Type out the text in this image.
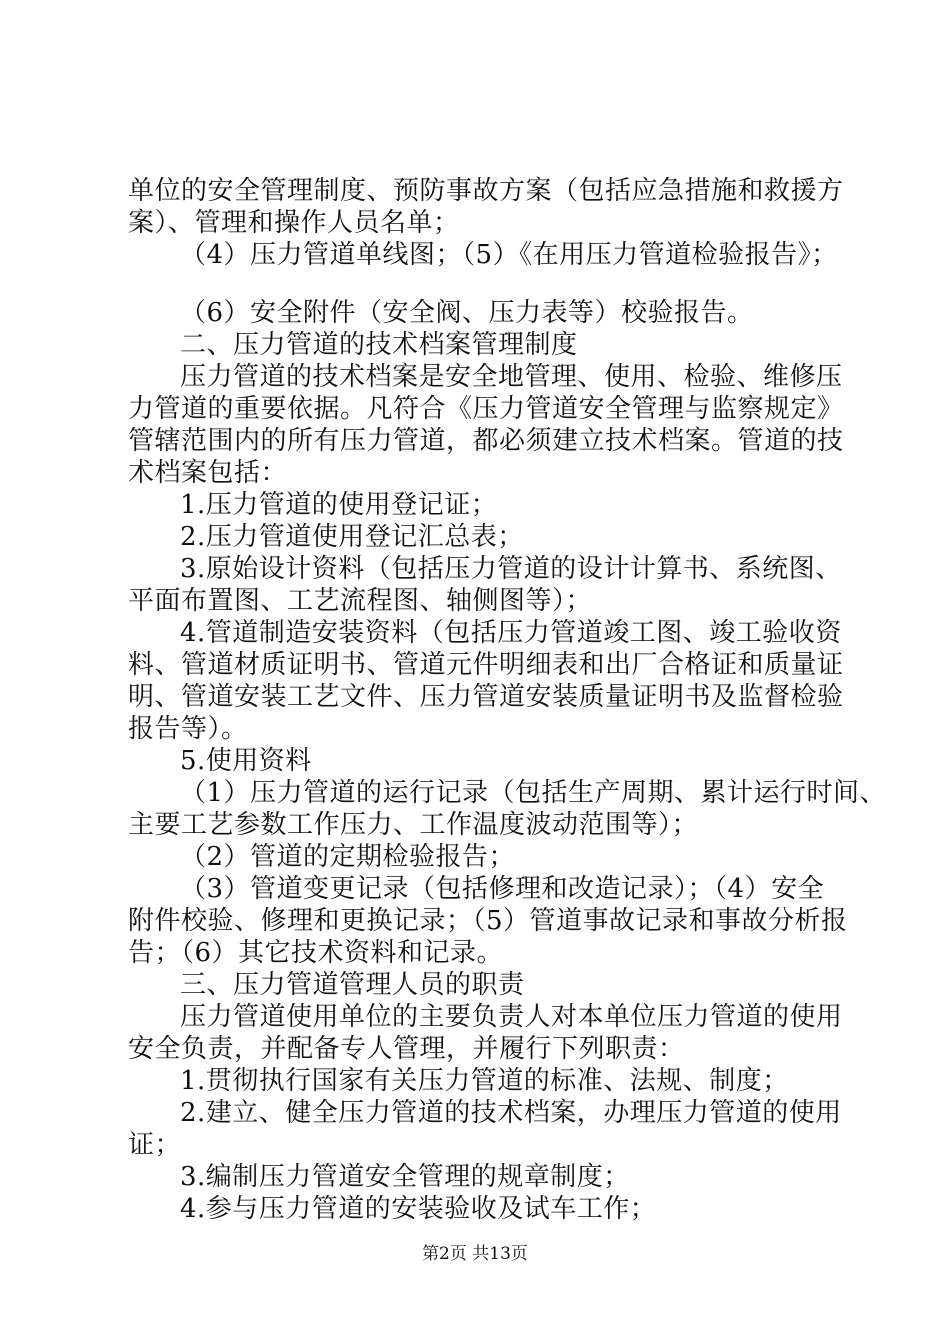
单位的安全管理制度、预防事故方案（包括应急措施和救援方
案）、管理和操作人员名单；
（4）压力管道单线图；（5）《在用压力管道检验报告》；
（6）安全附件（安全阀、压力表等）校验报告。
二、压力管道的技术档案管理制度
压力管道的技术档案是安全地管理、使用、检验、维修压
力管道的重要依据。凡符合《压力管道安全管理与监察规定》
管辖范围内的所有压力管道，都必须建立技术档案。管道的技
术档案包括：
1.压力管道的使用登记证；
2.压力管道使用登记汇总表；
3.原始设计资料（包括压力管道的设计计算书、系统图、
平面布置图、工艺流程图、轴侧图等）；
4.管道制造安装资料（包括压力管道竣工图、竣工验收资
料、管道材质证明书、管道元件明细表和出厂合格证和质量证
明、管道安装工艺文件、压力管道安装质量证明书及监督检验
报告等）。
5.使用资料
（1）压力管道的运行记录（包括生产周期、累计运行时间、
主要工艺参数工作压力、工作温度波动范围等）；
（2）管道的定期检验报告；
（3）管道变更记录（包括修理和改造记录）；（4）安全
附件校验、修理和更换记录；（5）管道事故记录和事故分析报
告；（6）其它技术资料和记录。
三、压力管道管理人员的职责
压力管道使用单位的主要负责人对本单位压力管道的使用
安全负责，并配备专人管理，并履行下列职责：
1.贯彻执行国家有关压力管道的标准、法规、制度；
2.建立、健全压力管道的技术档案，办理压力管道的使用
证；
3.编制压力管道安全管理的规章制度；
4.参与压力管道的安装验收及试车工作；
第2页 共13页
